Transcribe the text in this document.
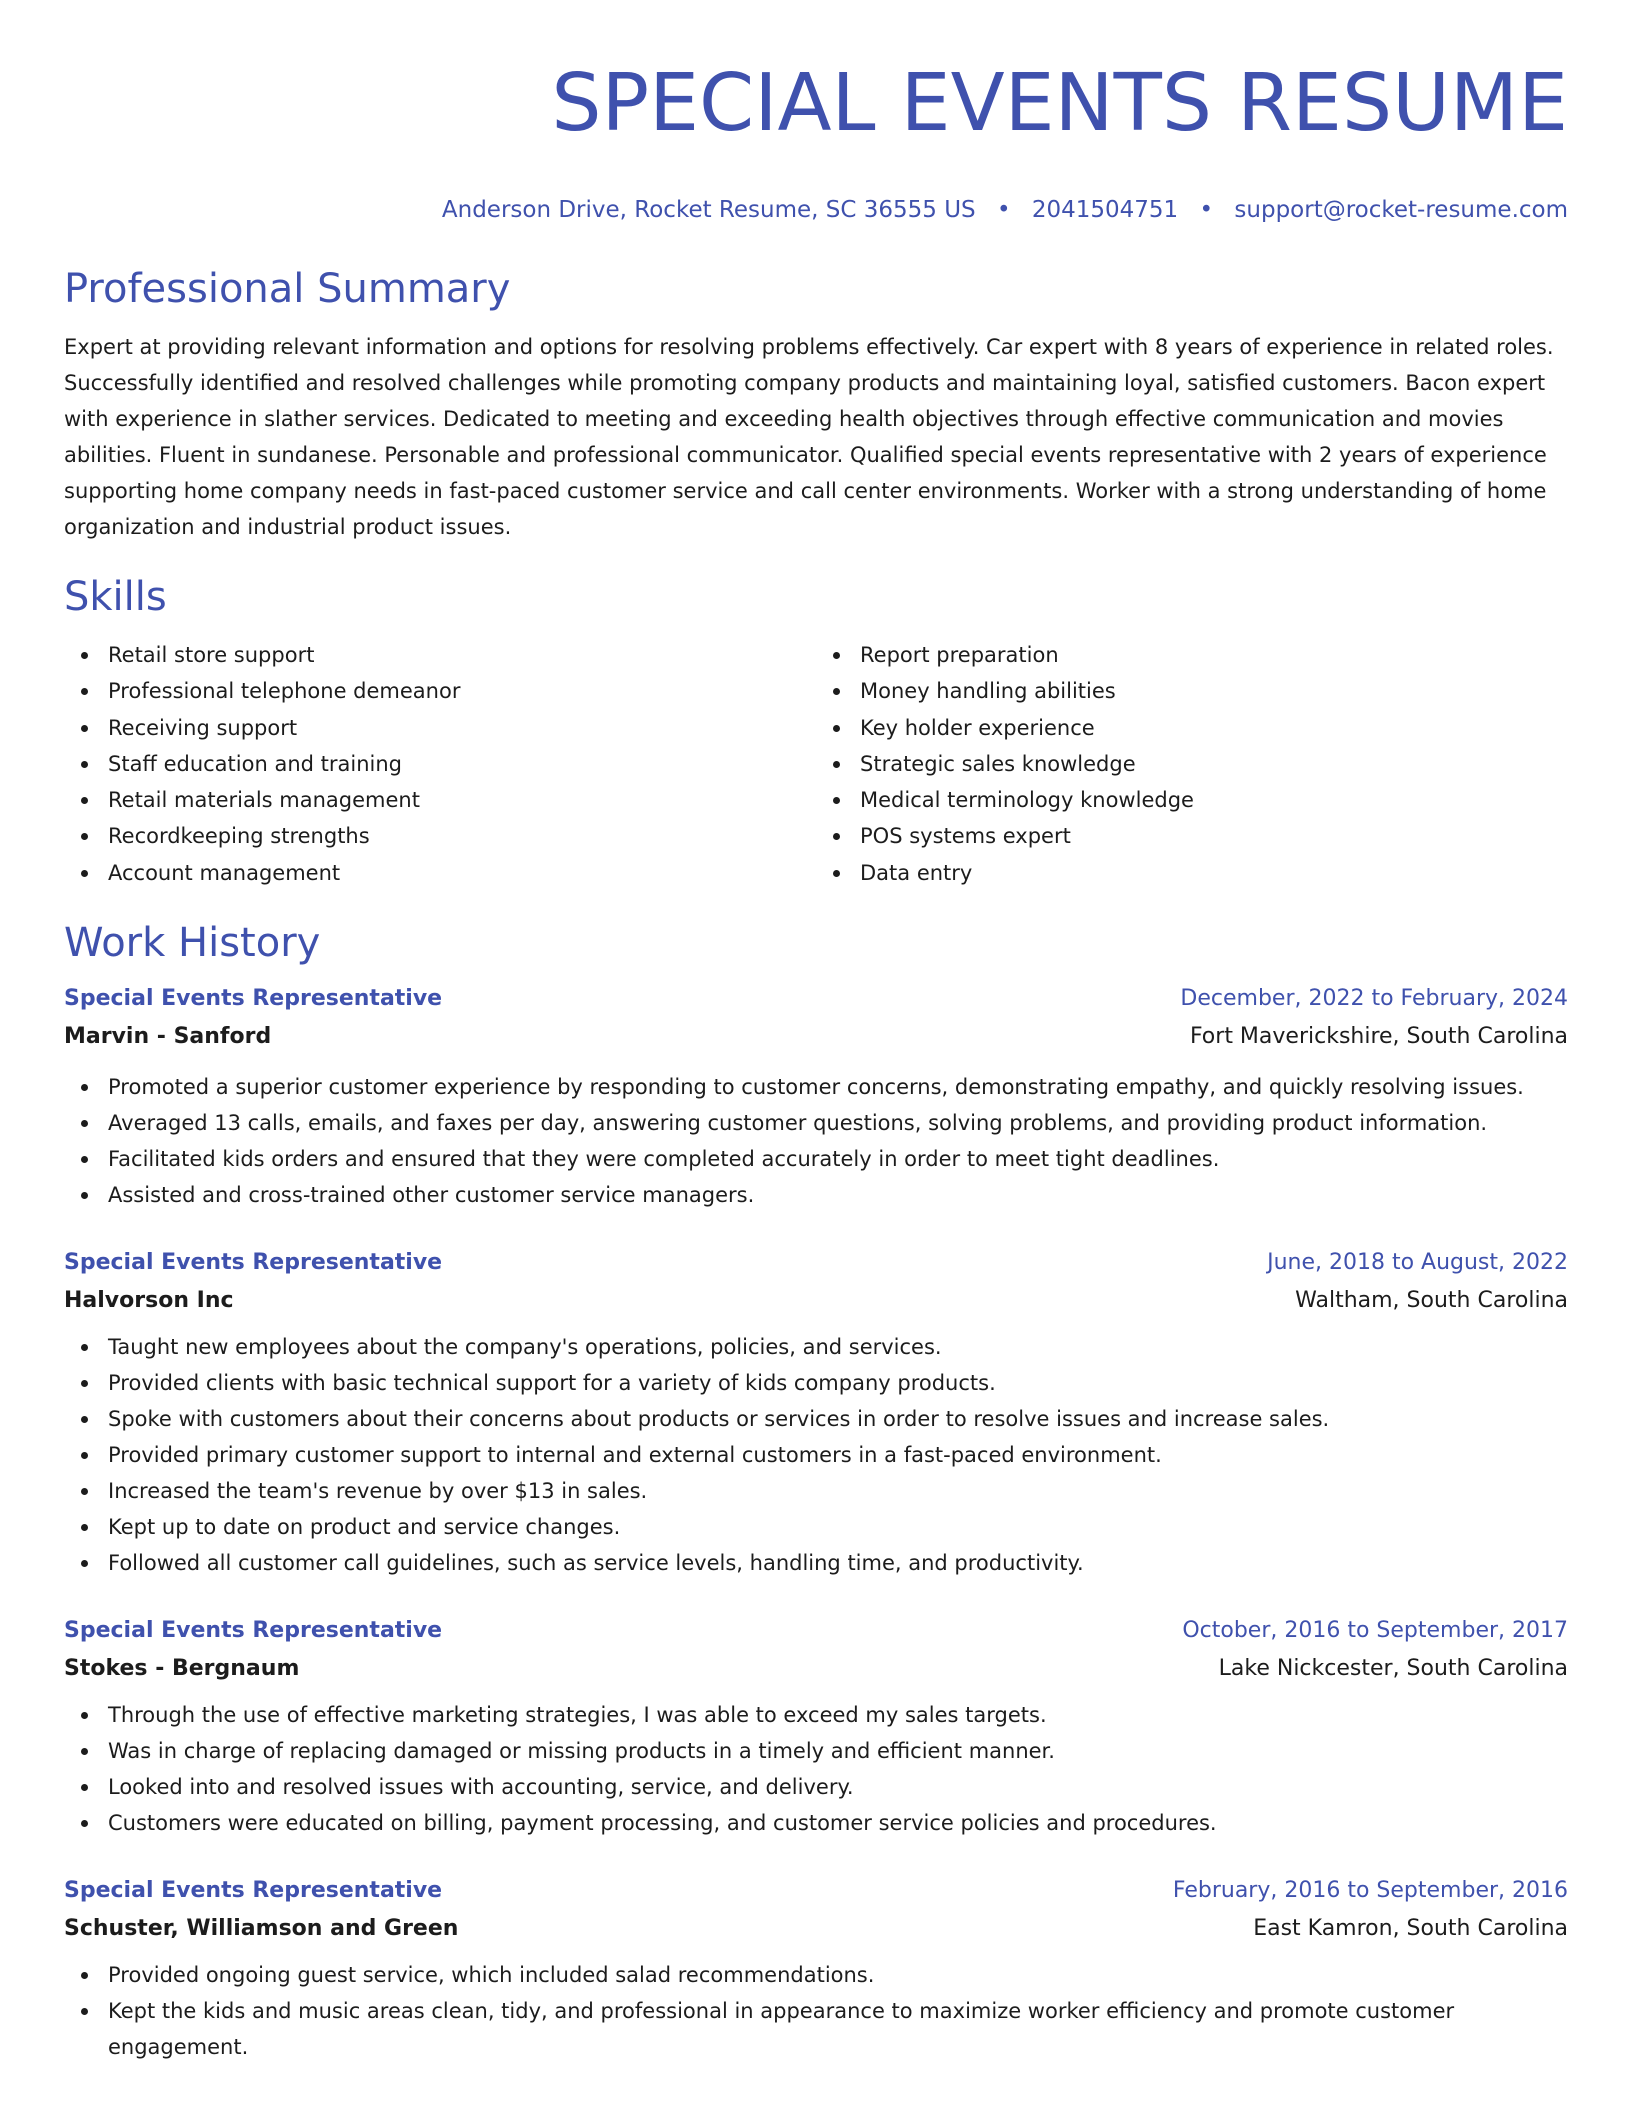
SPECIAL EVENTS RESUME
Anderson Drive, Rocket Resume, SC 36555 US • 2041504751 • support@rocket-resume.com
Professional Summary

Expert at providing relevant information and options for resolving problems effectively. Car expert with 8 years of experience in related roles. Successfully identified and resolved challenges while promoting company products and maintaining loyal, satisfied customers. Bacon expert with experience in slather services. Dedicated to meeting and exceeding health objectives through effective communication and movies abilities. Fluent in sundanese. Personable and professional communicator. Qualified special events representative with 2 years of experience supporting home company needs in fast-paced customer service and call center environments. Worker with a strong understanding of home organization and industrial product issues.

Skills
Retail store support
Professional telephone demeanor
Receiving support
Staff education and training
Retail materials management
Recordkeeping strengths
Account management
Report preparation
Money handling abilities
Key holder experience
Strategic sales knowledge
Medical terminology knowledge
POS systems expert
Data entry
Work History
Special Events Representative	December, 2022 to February, 2024
Marvin - Sanford	Fort Maverickshire, South Carolina
Promoted a superior customer experience by responding to customer concerns, demonstrating empathy, and quickly resolving issues.
Averaged 13 calls, emails, and faxes per day, answering customer questions, solving problems, and providing product information.
Facilitated kids orders and ensured that they were completed accurately in order to meet tight deadlines.
Assisted and cross-trained other customer service managers.
Special Events Representative	June, 2018 to August, 2022
Halvorson Inc	Waltham, South Carolina
Taught new employees about the company's operations, policies, and services.
Provided clients with basic technical support for a variety of kids company products.
Spoke with customers about their concerns about products or services in order to resolve issues and increase sales.
Provided primary customer support to internal and external customers in a fast-paced environment.
Increased the team's revenue by over $13 in sales.
Kept up to date on product and service changes.
Followed all customer call guidelines, such as service levels, handling time, and productivity.
Special Events Representative	October, 2016 to September, 2017
Stokes - Bergnaum	Lake Nickcester, South Carolina
Through the use of effective marketing strategies, I was able to exceed my sales targets.
Was in charge of replacing damaged or missing products in a timely and efficient manner.
Looked into and resolved issues with accounting, service, and delivery.
Customers were educated on billing, payment processing, and customer service policies and procedures.
Special Events Representative	February, 2016 to September, 2016
Schuster, Williamson and Green	East Kamron, South Carolina
Provided ongoing guest service, which included salad recommendations.
Kept the kids and music areas clean, tidy, and professional in appearance to maximize worker efficiency and promote customer engagement.
